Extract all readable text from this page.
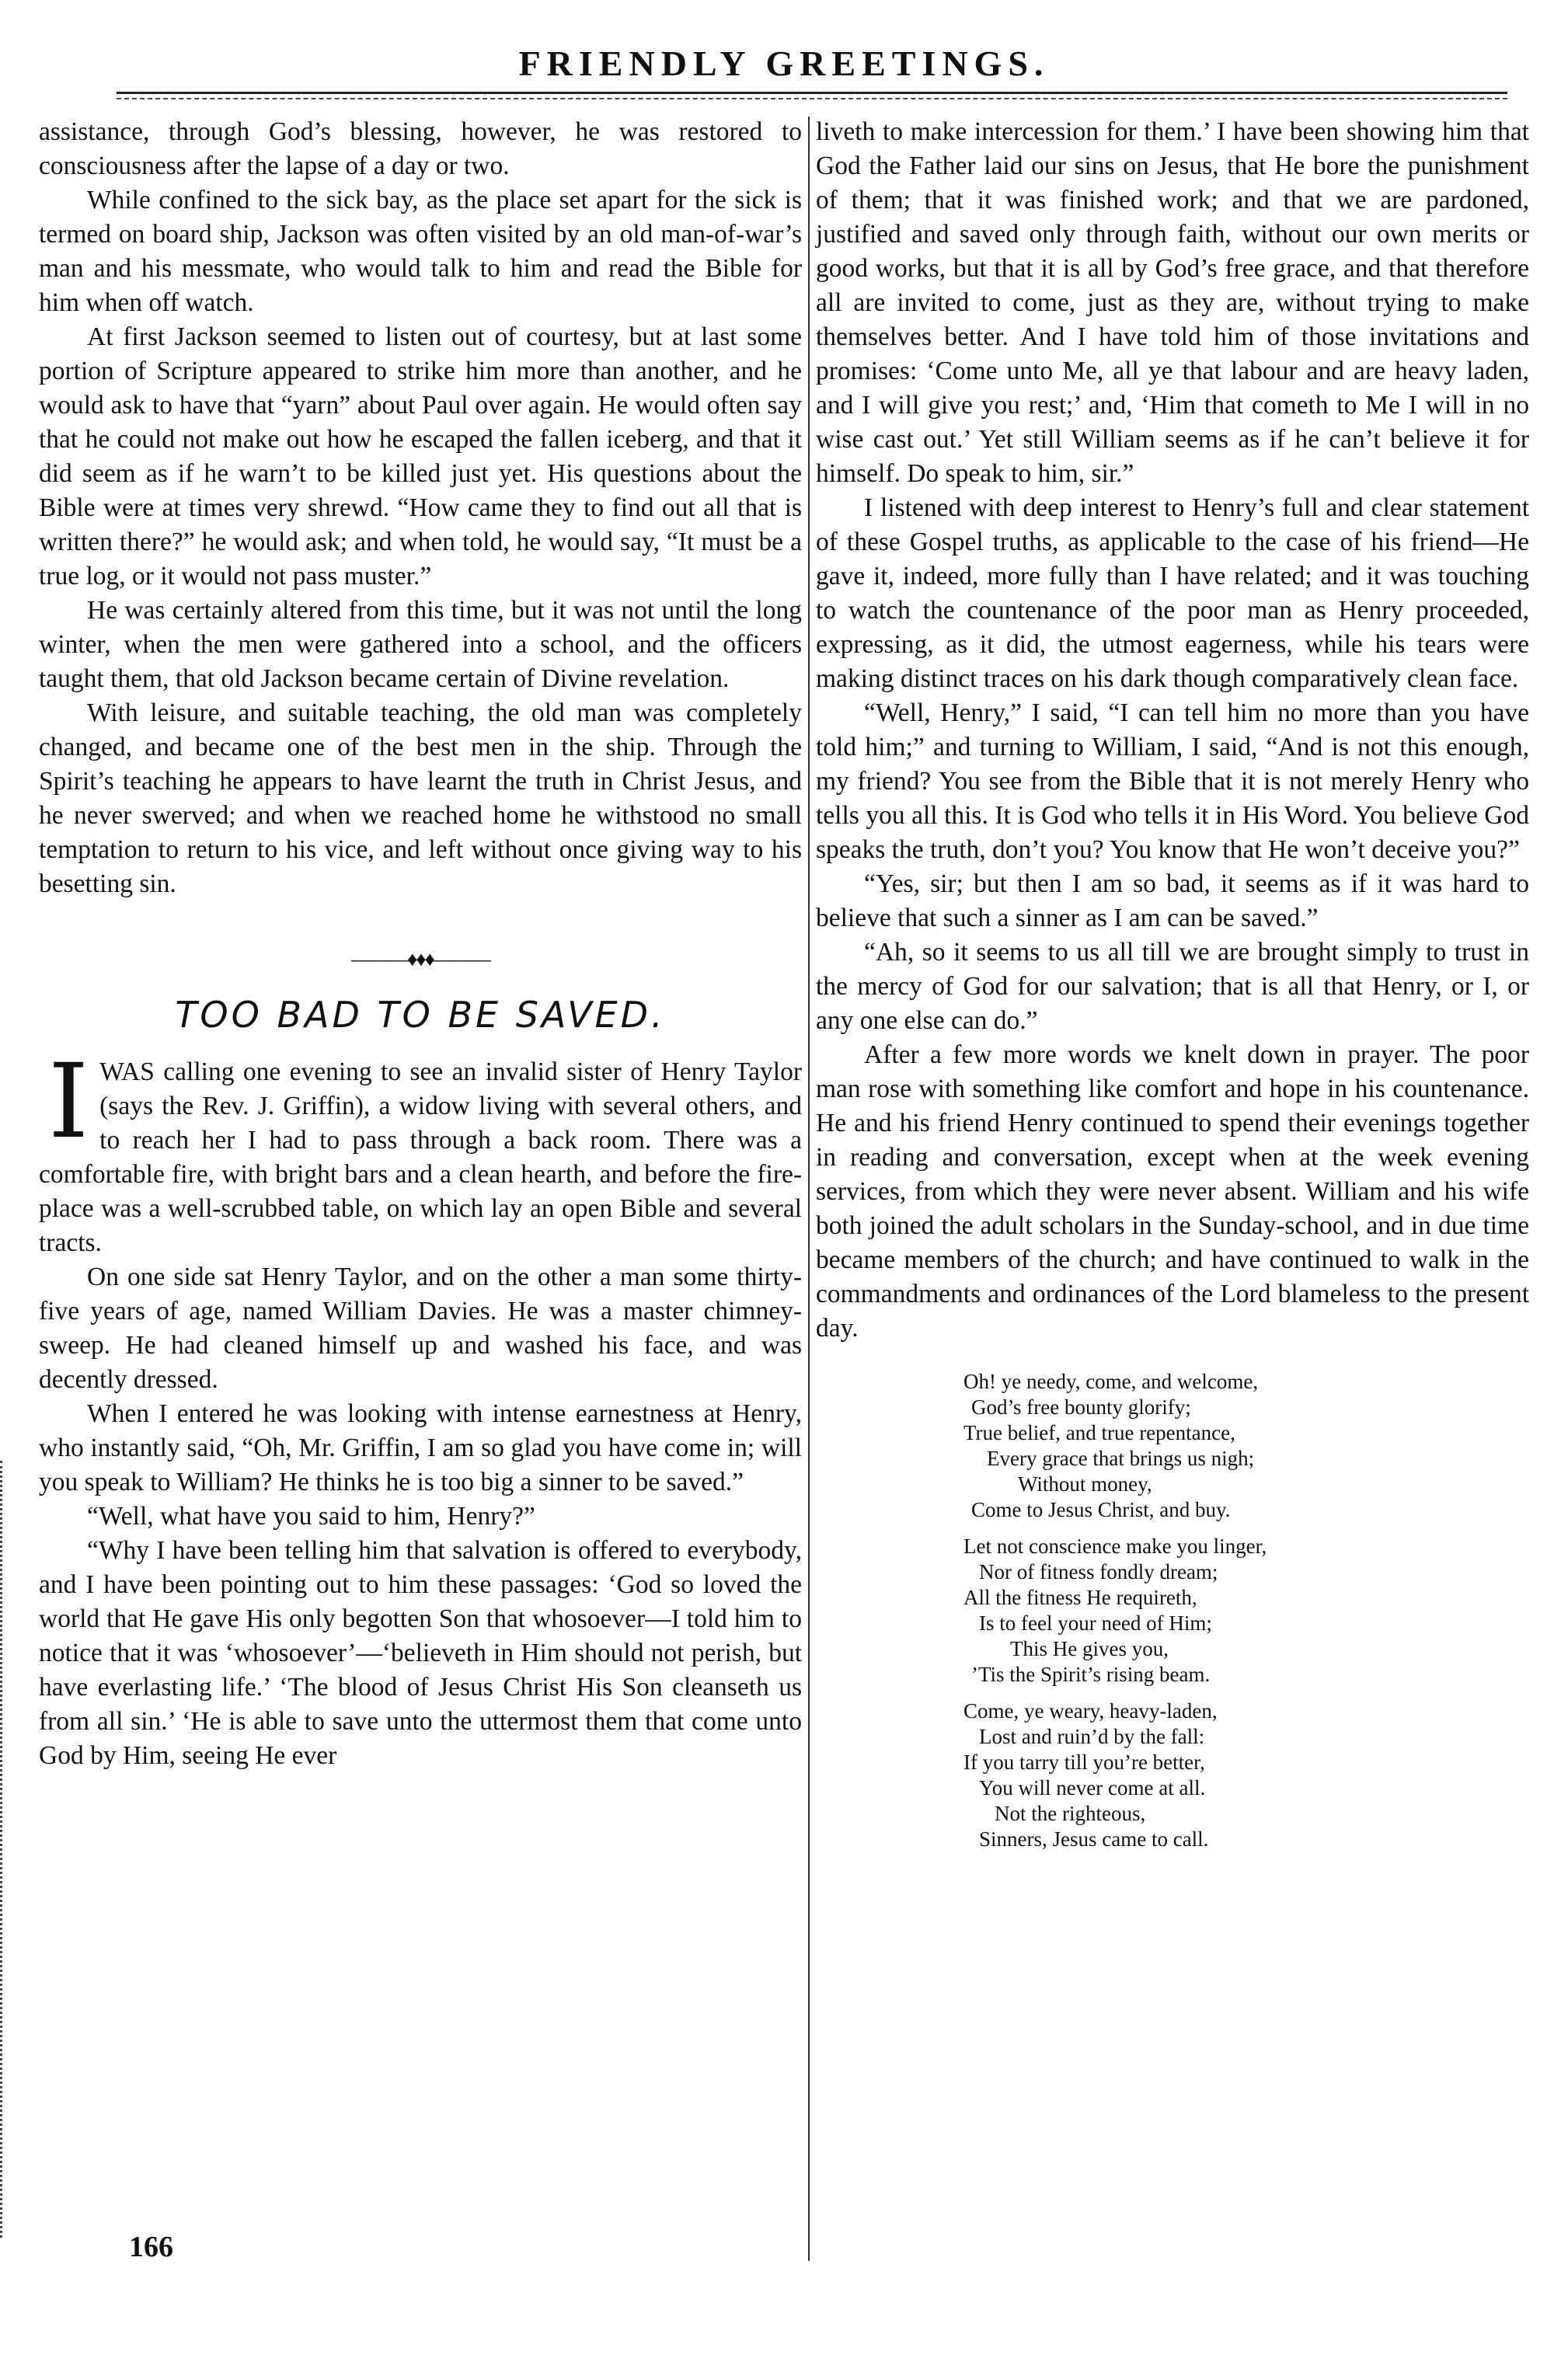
FRIENDLY GREETINGS.

assistance, through God’s blessing, however, he was restored to consciousness after the lapse of a day or two.

While confined to the sick bay, as the place set apart for the sick is termed on board ship, Jackson was often visited by an old man-of-war’s man and his messmate, who would talk to him and read the Bible for him when off watch.

At first Jackson seemed to listen out of courtesy, but at last some portion of Scripture appeared to strike him more than another, and he would ask to have that “yarn” about Paul over again. He would often say that he could not make out how he escaped the fallen iceberg, and that it did seem as if he warn’t to be killed just yet. His questions about the Bible were at times very shrewd. “How came they to find out all that is written there?” he would ask; and when told, he would say, “It must be a true log, or it would not pass muster.”

He was certainly altered from this time, but it was not until the long winter, when the men were gathered into a school, and the officers taught them, that old Jackson became certain of Divine revelation.

With leisure, and suitable teaching, the old man was completely changed, and became one of the best men in the ship. Through the Spirit’s teaching he appears to have learnt the truth in Christ Jesus, and he never swerved; and when we reached home he withstood no small temptation to return to his vice, and left without once giving way to his besetting sin.

———♦♦♦———
TOO BAD TO BE SAVED.

IWAS calling one evening to see an invalid sister of Henry Taylor (says the Rev. J. Griffin), a widow living with several others, and to reach her I had to pass through a back room. There was a comfortable fire, with bright bars and a clean hearth, and before the fire-place was a well-scrubbed table, on which lay an open Bible and several tracts.

On one side sat Henry Taylor, and on the other a man some thirty-five years of age, named William Davies. He was a master chimney-sweep. He had cleaned himself up and washed his face, and was decently dressed.

When I entered he was looking with intense earnestness at Henry, who instantly said, “Oh, Mr. Griffin, I am so glad you have come in; will you speak to William? He thinks he is too big a sinner to be saved.”

“Well, what have you said to him, Henry?”

“Why I have been telling him that salvation is offered to everybody, and I have been pointing out to him these passages: ‘God so loved the world that He gave His only begotten Son that whosoever—I told him to notice that it was ‘whosoever’—‘believeth in Him should not perish, but have everlasting life.’ ‘The blood of Jesus Christ His Son cleanseth us from all sin.’ ‘He is able to save unto the uttermost them that come unto God by Him, seeing He ever

liveth to make intercession for them.’ I have been showing him that God the Father laid our sins on Jesus, that He bore the punishment of them; that it was finished work; and that we are pardoned, justified and saved only through faith, without our own merits or good works, but that it is all by God’s free grace, and that therefore all are invited to come, just as they are, without trying to make themselves better. And I have told him of those invitations and promises: ‘Come unto Me, all ye that labour and are heavy laden, and I will give you rest;’ and, ‘Him that cometh to Me I will in no wise cast out.’ Yet still William seems as if he can’t believe it for himself. Do speak to him, sir.”

I listened with deep interest to Henry’s full and clear statement of these Gospel truths, as applicable to the case of his friend—He gave it, indeed, more fully than I have related; and it was touching to watch the countenance of the poor man as Henry proceeded, expressing, as it did, the utmost eagerness, while his tears were making distinct traces on his dark though comparatively clean face.

“Well, Henry,” I said, “I can tell him no more than you have told him;” and turning to William, I said, “And is not this enough, my friend? You see from the Bible that it is not merely Henry who tells you all this. It is God who tells it in His Word. You believe God speaks the truth, don’t you? You know that He won’t deceive you?”

“Yes, sir; but then I am so bad, it seems as if it was hard to believe that such a sinner as I am can be saved.”

“Ah, so it seems to us all till we are brought simply to trust in the mercy of God for our salvation; that is all that Henry, or I, or any one else can do.”

After a few more words we knelt down in prayer. The poor man rose with something like comfort and hope in his countenance. He and his friend Henry continued to spend their evenings together in reading and conversation, except when at the week evening services, from which they were never absent. William and his wife both joined the adult scholars in the Sunday-school, and in due time became members of the church; and have continued to walk in the commandments and ordinances of the Lord blameless to the present day.

Oh! ye needy, come, and welcome,
God’s free bounty glorify;
True belief, and true repentance,
Every grace that brings us nigh;
Without money,
Come to Jesus Christ, and buy.
Let not conscience make you linger,
Nor of fitness fondly dream;
All the fitness He requireth,
Is to feel your need of Him;
This He gives you,
’Tis the Spirit’s rising beam.
Come, ye weary, heavy-laden,
Lost and ruin’d by the fall:
If you tarry till you’re better,
You will never come at all.
Not the righteous,
Sinners, Jesus came to call.
166
